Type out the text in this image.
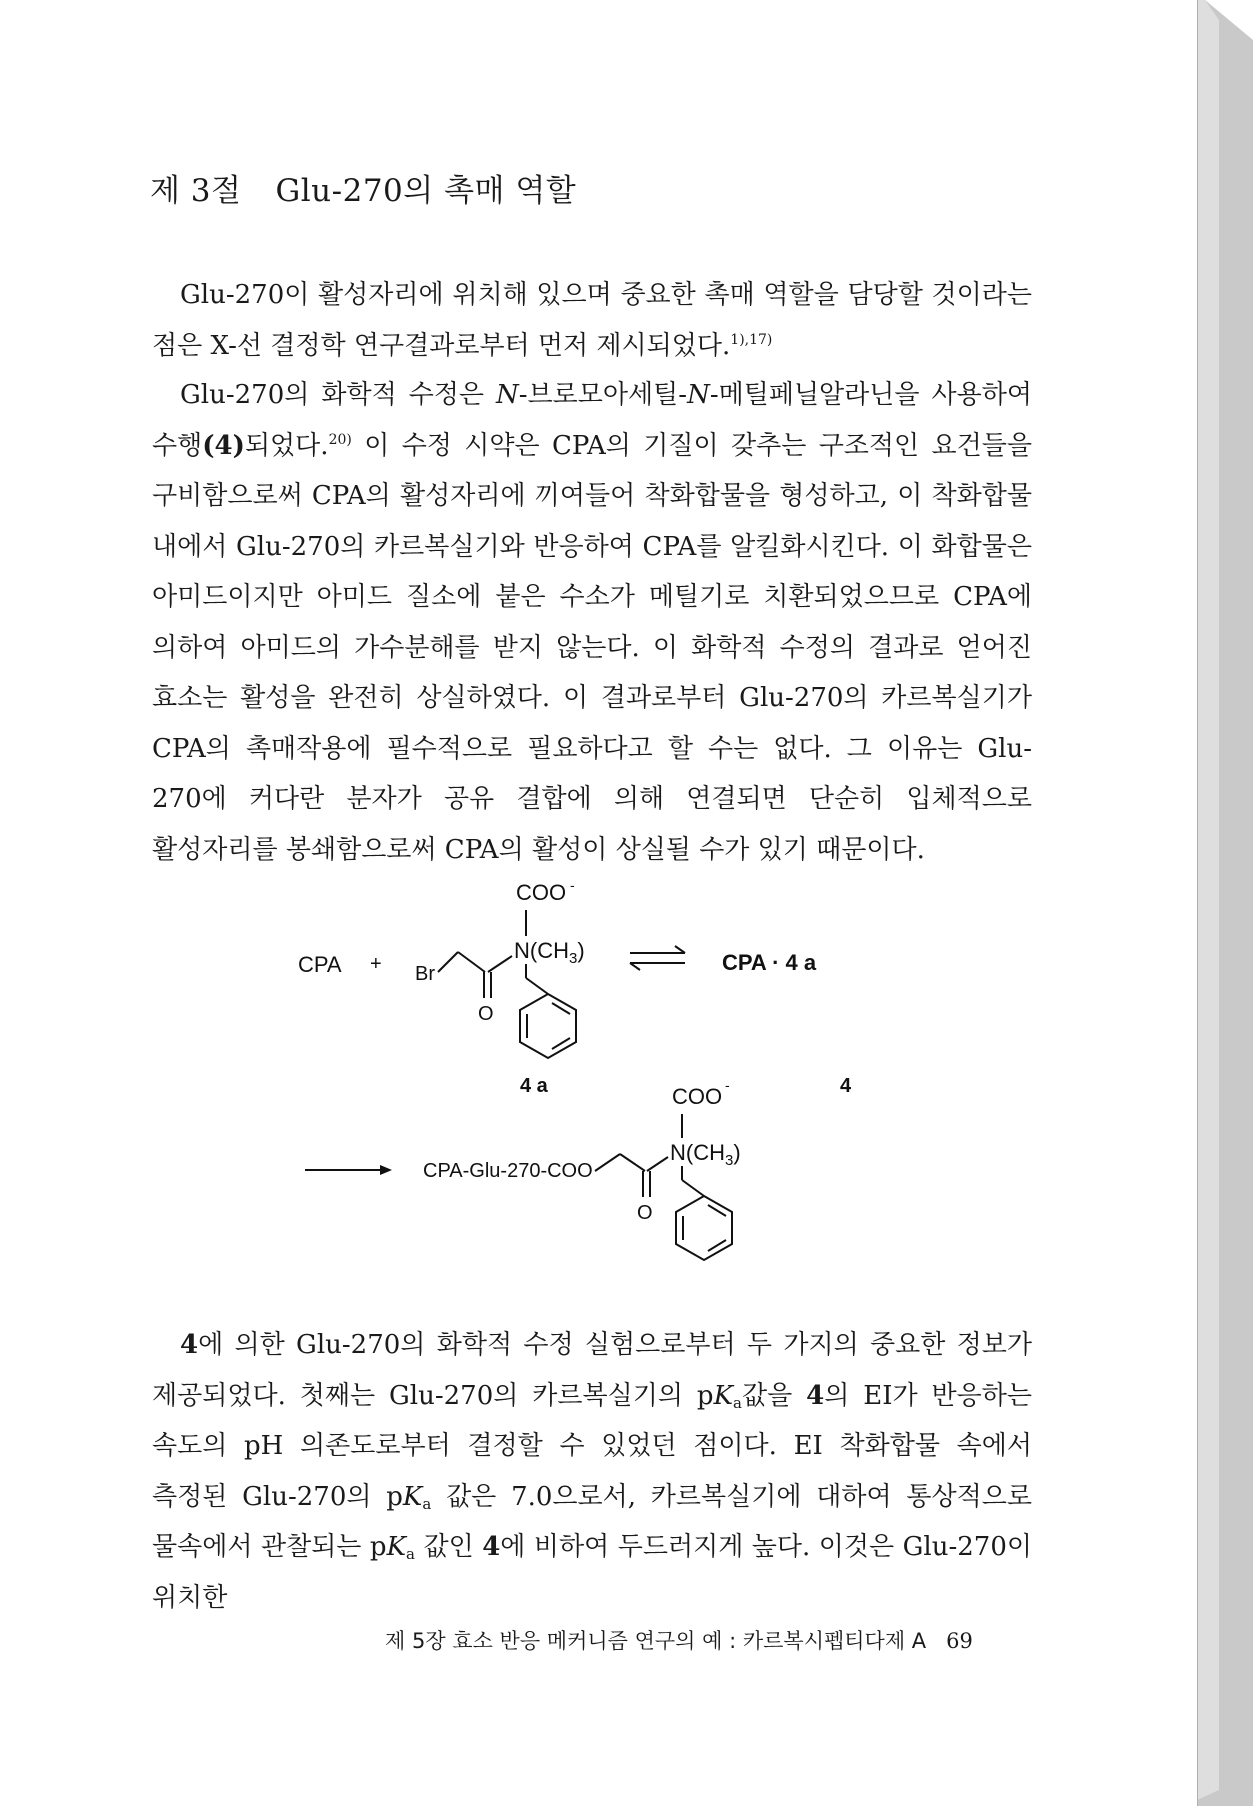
제 3절 Glu-270의 촉매 역할

Glu-270이 활성자리에 위치해 있으며 중요한 촉매 역할을 담당할 것이라는 점은 X-선 결정학 연구결과로부터 먼저 제시되었다.$^{1),17)}$

Glu-270의 화학적 수정은 N-브로모아세틸-N-메틸페닐알라닌을 사용하여 수행(4)되었다.$^{20)}$ 이 수정 시약은 CPA의 기질이 갖추는 구조적인 요건들을 구비함으로써 CPA의 활성자리에 끼여들어 착화합물을 형성하고, 이 착화합물 내에서 Glu-270의 카르복실기와 반응하여 CPA를 알킬화시킨다. 이 화합물은 아미드이지만 아미드 질소에 붙은 수소가 메틸기로 치환되었으므로 CPA에 의하여 아미드의 가수분해를 받지 않는다. 이 화학적 수정의 결과로 얻어진 효소는 활성을 완전히 상실하였다. 이 결과로부터 Glu-270의 카르복실기가 CPA의 촉매작용에 필수적으로 필요하다고 할 수는 없다. 그 이유는 Glu-270에 커다란 분자가 공유 결합에 의해 연결되면 단순히 입체적으로 활성자리를 봉쇄함으로써 CPA의 활성이 상실될 수가 있기 때문이다.

CPA + Br
O
COO -
$N(CH_3)$	CPA · 4 a
4 a	4
CPA-Glu-270-COO
O
COO -
$N(CH_3)$

4에 의한 Glu-270의 화학적 수정 실험으로부터 두 가지의 중요한 정보가 제공되었다. 첫째는 Glu-270의 카르복실기의 $pK_a$값을 4의 EI가 반응하는 속도의 pH 의존도로부터 결정할 수 있었던 점이다. EI 착화합물 속에서 측정된 Glu-270의 $pK_a$ 값은 7.0으로서, 카르복실기에 대하여 통상적으로 물속에서 관찰되는 $pK_a$ 값인 4에 비하여 두드러지게 높다. 이것은 Glu-270이 위치한

제 5장 효소 반응 메커니즘 연구의 예 : 카르복시펩티다제 A 69
